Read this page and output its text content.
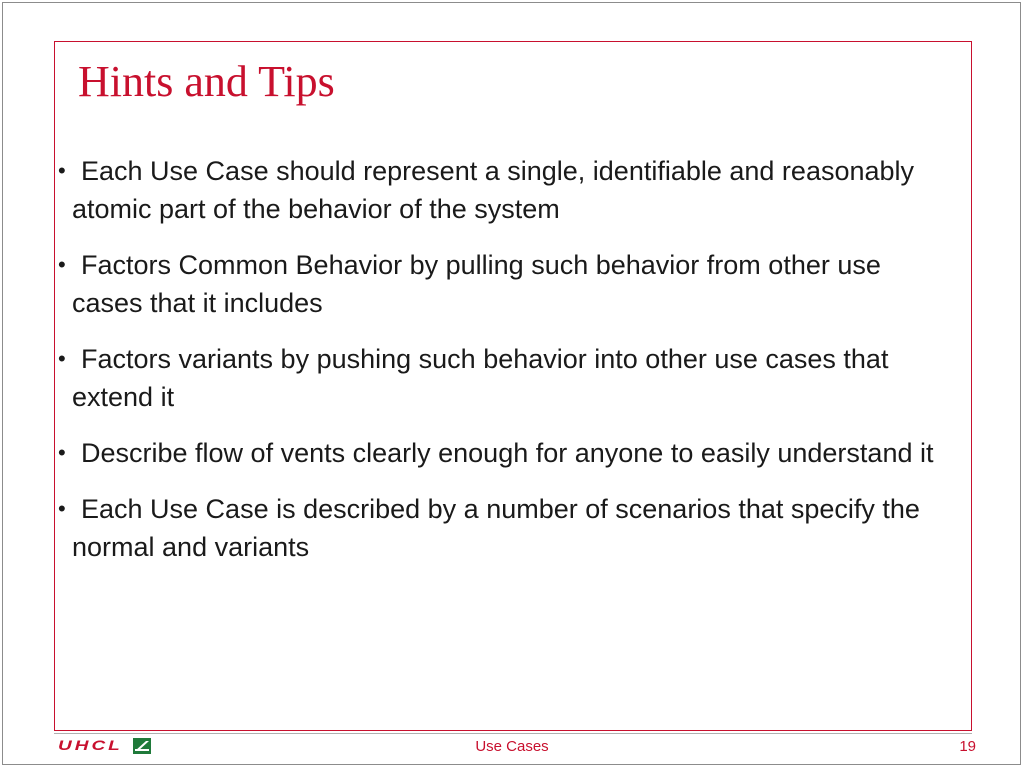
Hints and Tips
• Each Use Case should represent a single, identifiable and reasonably atomic part of the behavior of the system
• Factors Common Behavior by pulling such behavior from other use cases that it includes
• Factors variants by pushing such behavior into other use cases that extend it
• Describe flow of vents clearly enough for anyone to easily understand it
• Each Use Case is described by a number of scenarios that specify the normal and variants
UHCL	Use Cases	19
